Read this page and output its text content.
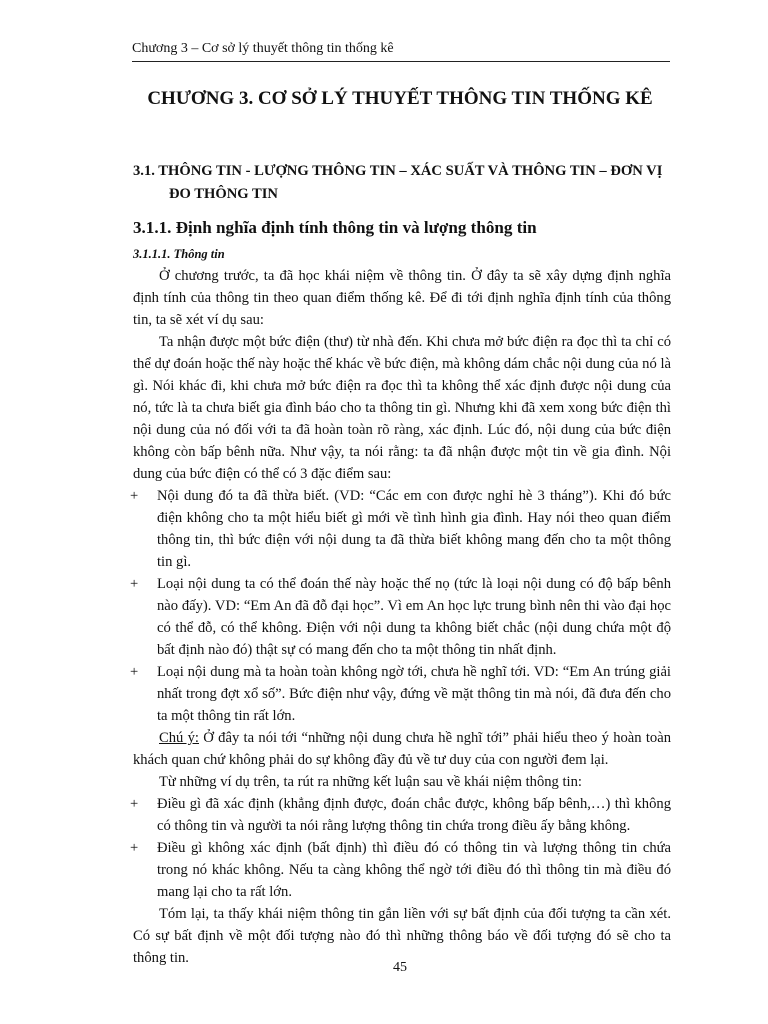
Chương 3 – Cơ sở lý thuyết thông tin thống kê
CHƯƠNG 3. CƠ SỞ LÝ THUYẾT THÔNG TIN THỐNG KÊ
3.1. THÔNG TIN - LƯỢNG THÔNG TIN – XÁC SUẤT VÀ THÔNG TIN – ĐƠN VỊ ĐO THÔNG TIN
3.1.1. Định nghĩa định tính thông tin và lượng thông tin
3.1.1.1. Thông tin

Ở chương trước, ta đã học khái niệm về thông tin. Ở đây ta sẽ xây dựng định nghĩa định tính của thông tin theo quan điểm thống kê. Để đi tới định nghĩa định tính của thông tin, ta sẽ xét ví dụ sau:

Ta nhận được một bức điện (thư) từ nhà đến. Khi chưa mở bức điện ra đọc thì ta chỉ có thể dự đoán hoặc thế này hoặc thế khác về bức điện, mà không dám chắc nội dung của nó là gì. Nói khác đi, khi chưa mở bức điện ra đọc thì ta không thể xác định được nội dung của nó, tức là ta chưa biết gia đình báo cho ta thông tin gì. Nhưng khi đã xem xong bức điện thì nội dung của nó đối với ta đã hoàn toàn rõ ràng, xác định. Lúc đó, nội dung của bức điện không còn bấp bênh nữa. Như vậy, ta nói rằng: ta đã nhận được một tin về gia đình. Nội dung của bức điện có thể có 3 đặc điểm sau:

+ Nội dung đó ta đã thừa biết. (VD: “Các em con được nghỉ hè 3 tháng”). Khi đó bức điện không cho ta một hiểu biết gì mới về tình hình gia đình. Hay nói theo quan điểm thông tin, thì bức điện với nội dung ta đã thừa biết không mang đến cho ta một thông tin gì.
+ Loại nội dung ta có thể đoán thế này hoặc thế nọ (tức là loại nội dung có độ bấp bênh nào đấy). VD: “Em An đã đỗ đại học”. Vì em An học lực trung bình nên thi vào đại học có thể đỗ, có thể không. Điện với nội dung ta không biết chắc (nội dung chứa một độ bất định nào đó) thật sự có mang đến cho ta một thông tin nhất định.
+ Loại nội dung mà ta hoàn toàn không ngờ tới, chưa hề nghĩ tới. VD: “Em An trúng giải nhất trong đợt xổ số”. Bức điện như vậy, đứng về mặt thông tin mà nói, đã đưa đến cho ta một thông tin rất lớn.

Chú ý: Ở đây ta nói tới “những nội dung chưa hề nghĩ tới” phải hiểu theo ý hoàn toàn khách quan chứ không phải do sự không đầy đủ về tư duy của con người đem lại.

Từ những ví dụ trên, ta rút ra những kết luận sau về khái niệm thông tin:

+ Điều gì đã xác định (khẳng định được, đoán chắc được, không bấp bênh,…) thì không có thông tin và người ta nói rằng lượng thông tin chứa trong điều ấy bằng không.
+ Điều gì không xác định (bất định) thì điều đó có thông tin và lượng thông tin chứa trong nó khác không. Nếu ta càng không thể ngờ tới điều đó thì thông tin mà điều đó mang lại cho ta rất lớn.

Tóm lại, ta thấy khái niệm thông tin gắn liền với sự bất định của đối tượng ta cần xét. Có sự bất định về một đối tượng nào đó thì những thông báo về đối tượng đó sẽ cho ta thông tin.

45
